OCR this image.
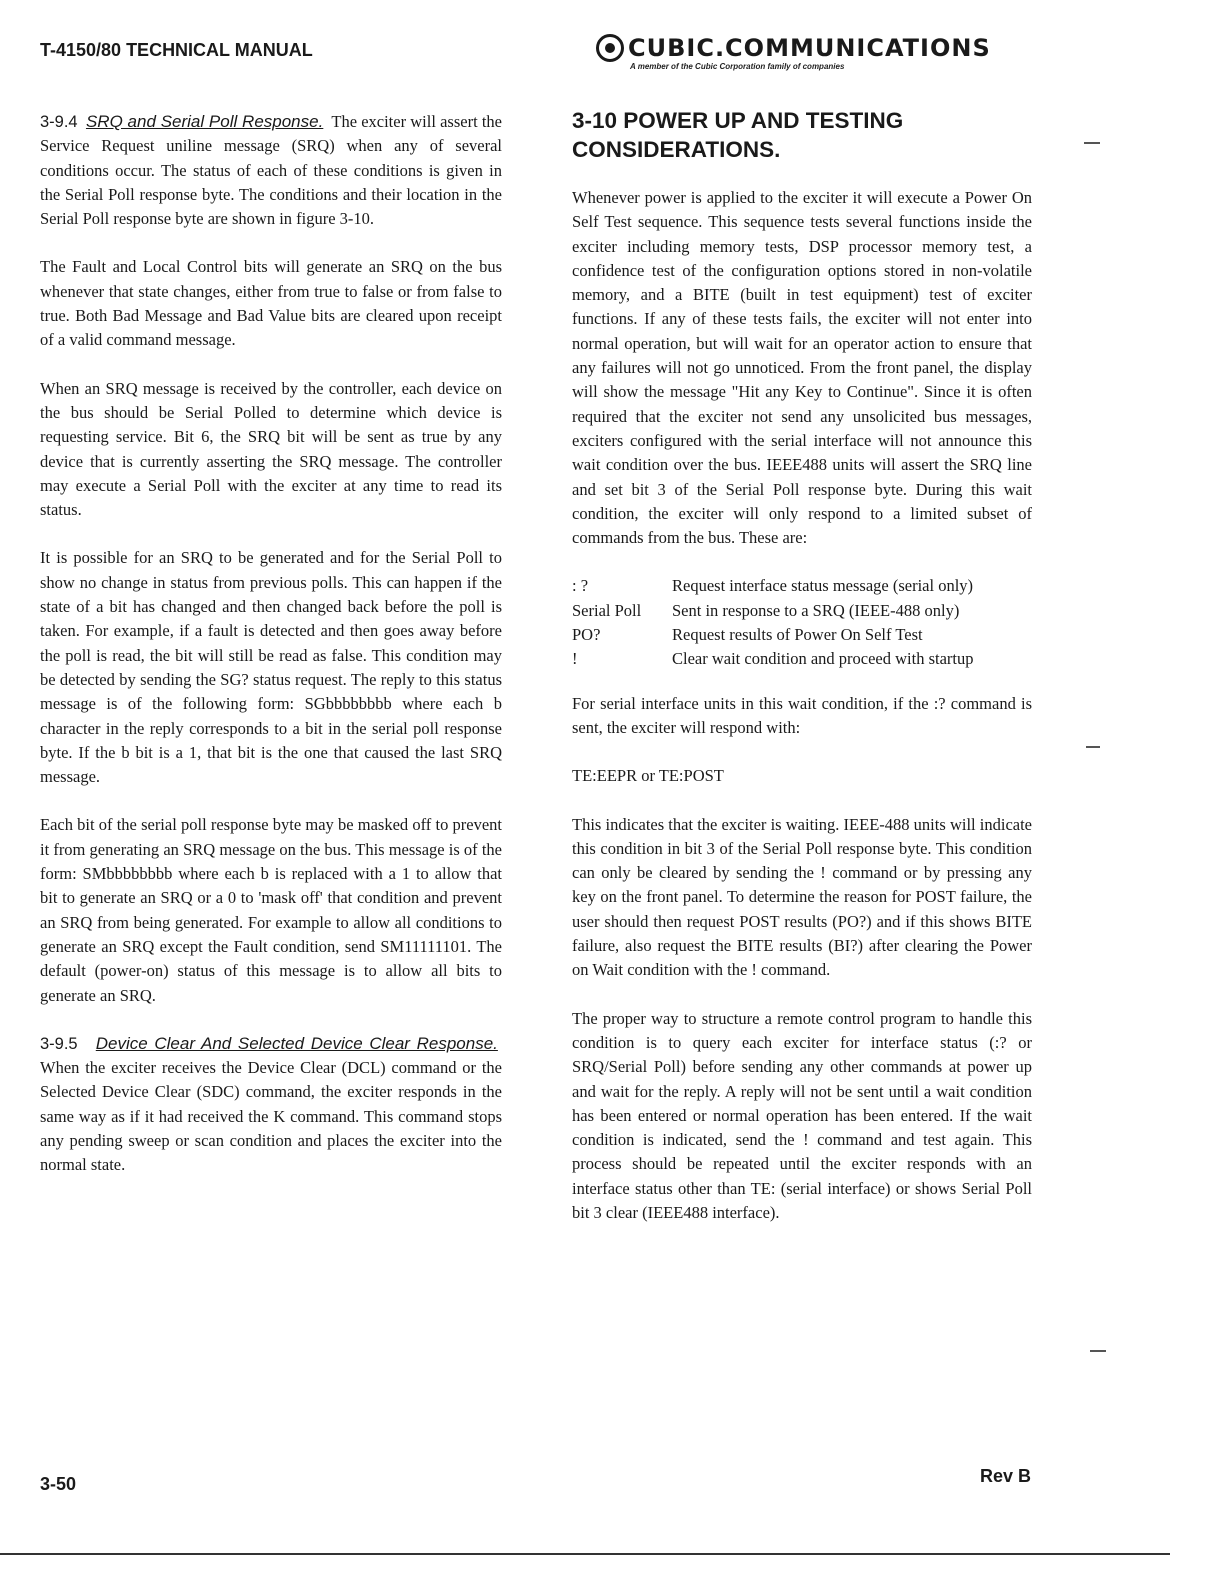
T-4150/80 TECHNICAL MANUAL	CUBIC.COMMUNICATIONS
A member of the Cubic Corporation family of companies

3-9.4 SRQ and Serial Poll Response. The exciter will assert the Service Request uniline message (SRQ) when any of several conditions occur. The status of each of these conditions is given in the Serial Poll response byte. The conditions and their location in the Serial Poll response byte are shown in figure 3-10.

The Fault and Local Control bits will generate an SRQ on the bus whenever that state changes, either from true to false or from false to true. Both Bad Message and Bad Value bits are cleared upon receipt of a valid command message.

When an SRQ message is received by the controller, each device on the bus should be Serial Polled to determine which device is requesting service. Bit 6, the SRQ bit will be sent as true by any device that is currently asserting the SRQ message. The controller may execute a Serial Poll with the exciter at any time to read its status.

It is possible for an SRQ to be generated and for the Serial Poll to show no change in status from previous polls. This can happen if the state of a bit has changed and then changed back before the poll is taken. For example, if a fault is detected and then goes away before the poll is read, the bit will still be read as false. This condition may be detected by sending the SG? status request. The reply to this status message is of the following form: SGbbbbbbbb where each b character in the reply corresponds to a bit in the serial poll response byte. If the b bit is a 1, that bit is the one that caused the last SRQ message.

Each bit of the serial poll response byte may be masked off to prevent it from generating an SRQ message on the bus. This message is of the form: SMbbbbbbbb where each b is replaced with a 1 to allow that bit to generate an SRQ or a 0 to 'mask off' that condition and prevent an SRQ from being generated. For example to allow all conditions to generate an SRQ except the Fault condition, send SM11111101. The default (power-on) status of this message is to allow all bits to generate an SRQ.

3-9.5 Device Clear And Selected Device Clear Response.  When the exciter receives the Device Clear (DCL) command or the Selected Device Clear (SDC) command, the exciter responds in the same way as if it had received the K command. This command stops any pending sweep or scan condition and places the exciter into the normal state.

3-10 POWER UP AND TESTING CONSIDERATIONS.

Whenever power is applied to the exciter it will execute a Power On Self Test sequence. This sequence tests several functions inside the exciter including memory tests, DSP processor memory test, a confidence test of the configuration options stored in non-volatile memory, and a BITE (built in test equipment) test of exciter functions. If any of these tests fails, the exciter will not enter into normal operation, but will wait for an operator action to ensure that any failures will not go unnoticed. From the front panel, the display will show the message "Hit any Key to Continue". Since it is often required that the exciter not send any unsolicited bus messages, exciters configured with the serial interface will not announce this wait condition over the bus. IEEE488 units will assert the SRQ line and set bit 3 of the Serial Poll response byte. During this wait condition, the exciter will only respond to a limited subset of commands from the bus. These are:

: ?	Request interface status message (serial only)
Serial Poll	Sent in response to a SRQ (IEEE-488 only)
PO?	Request results of Power On Self Test
!	Clear wait condition and proceed with startup

For serial interface units in this wait condition, if the :? command is sent, the exciter will respond with:

TE:EEPR or TE:POST

This indicates that the exciter is waiting. IEEE-488 units will indicate this condition in bit 3 of the Serial Poll response byte. This condition can only be cleared by sending the ! command or by pressing any key on the front panel. To determine the reason for POST failure, the user should then request POST results (PO?) and if this shows BITE failure, also request the BITE results (BI?) after clearing the Power on Wait condition with the ! command.

The proper way to structure a remote control program to handle this condition is to query each exciter for interface status (:? or SRQ/Serial Poll) before sending any other commands at power up and wait for the reply. A reply will not be sent until a wait condition has been entered or normal operation has been entered. If the wait condition is indicated, send the ! command and test again. This process should be repeated until the exciter responds with an interface status other than TE: (serial interface) or shows Serial Poll bit 3 clear (IEEE488 interface).

3-50	Rev B
